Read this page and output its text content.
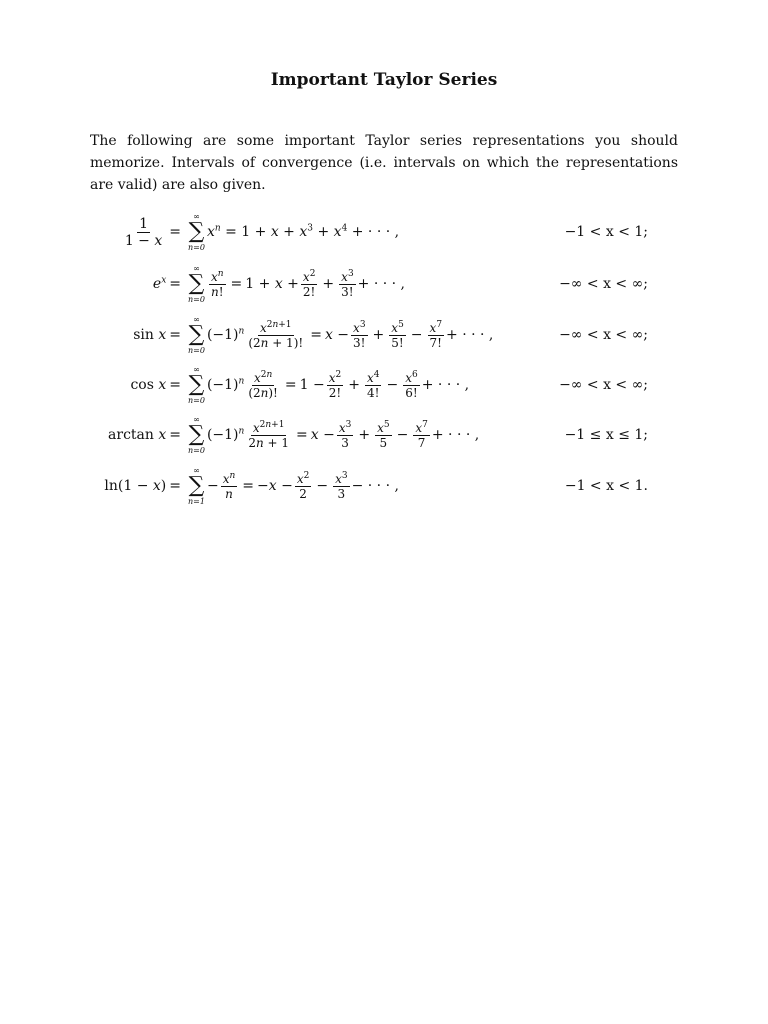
Important Taylor Series
The following are some important Taylor series representations you should memorize. Intervals of convergence (i.e. intervals on which the representations are valid) are also given.
$\frac{1}{1 - x}$ =
∞
∑
n=0
$x^n = 1 + x + x^3 + x^4$ + · · · ,	−1 < x < 1;
$e^x$ =
∞
∑
n=0
$\frac{x^n}{n!} = 1 + x + \frac{x^2}{2!} + \frac{x^3}{3!}$ + · · · ,	−∞ < x < ∞;
sin x =
∞
∑
n=0
$(-1)^n \frac{x^{2n+1}}{(2n + 1)!} = x - \frac{x^3}{3!} + \frac{x^5}{5!} - \frac{x^7}{7!}$ + · · · ,	−∞ < x < ∞;
cos x =
∞
∑
n=0
$(-1)^n \frac{x^{2n}}{(2n)!} = 1 - \frac{x^2}{2!} + \frac{x^4}{4!} - \frac{x^6}{6!}$ + · · · ,	−∞ < x < ∞;
arctan x =
∞
∑
n=0
$(-1)^n \frac{x^{2n+1}}{2n + 1} = x - \frac{x^3}{3} + \frac{x^5}{5} - \frac{x^7}{7}$ + · · · ,	−1 ≤ x ≤ 1;
ln(1 − x) =
∞
∑
n=1
− $\frac{x^n}{n} = -x - \frac{x^2}{2} - \frac{x^3}{3}$ − · · · ,	−1 < x < 1.
